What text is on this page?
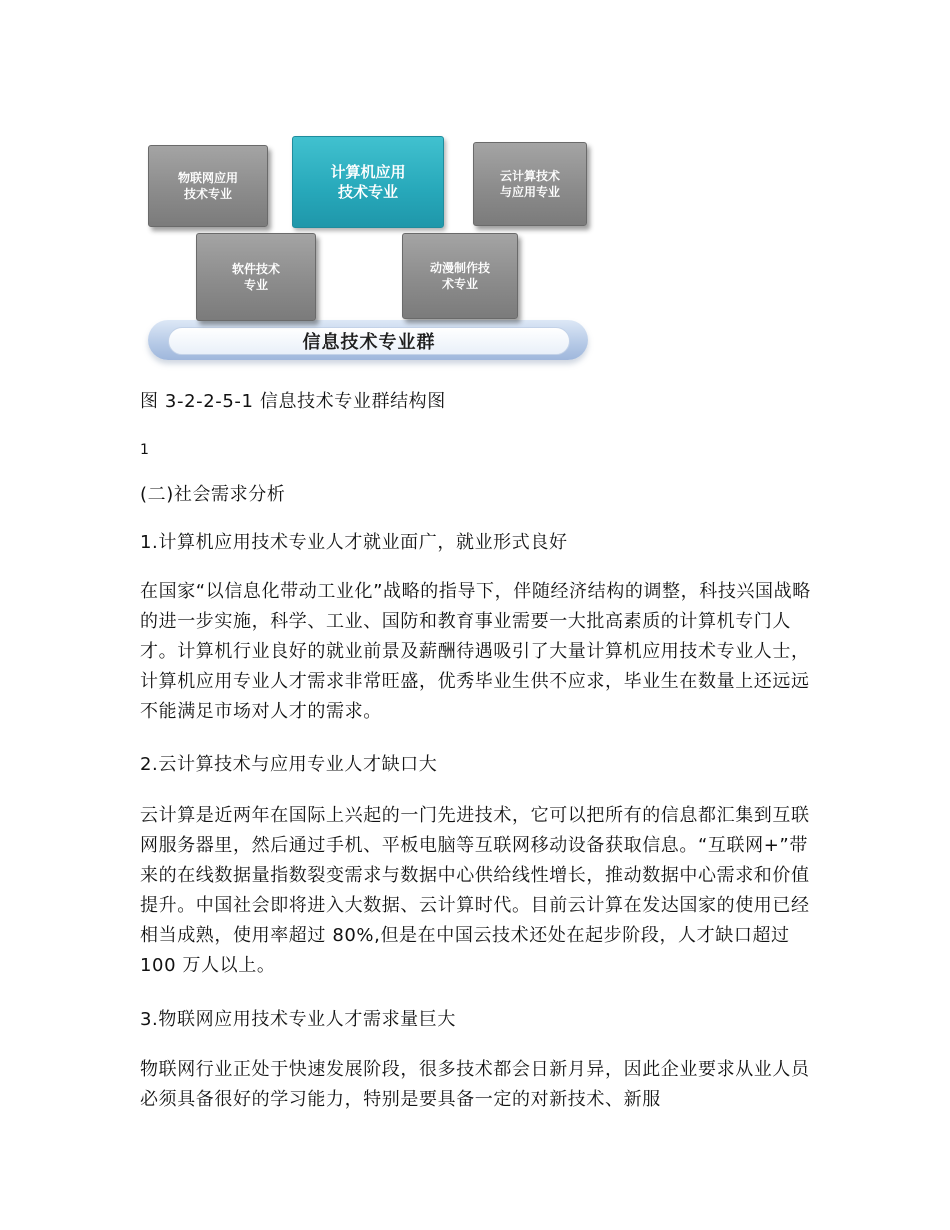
信息技术专业群
物联网应用
技术专业
计算机应用
技术专业
云计算技术
与应用专业
软件技术
专业
动漫制作技
术专业

图 3-2-2-5-1 信息技术专业群结构图

1

(二)社会需求分析

1.计算机应用技术专业人才就业面广，就业形式良好

在国家“以信息化带动工业化”战略的指导下，伴随经济结构的调整，科技兴国战略的进一步实施，科学、工业、国防和教育事业需要一大批高素质的计算机专门人才。计算机行业良好的就业前景及薪酬待遇吸引了大量计算机应用技术专业人士，计算机应用专业人才需求非常旺盛，优秀毕业生供不应求，毕业生在数量上还远远不能满足市场对人才的需求。

2.云计算技术与应用专业人才缺口大

云计算是近两年在国际上兴起的一门先进技术，它可以把所有的信息都汇集到互联网服务器里，然后通过手机、平板电脑等互联网移动设备获取信息。“互联网+”带来的在线数据量指数裂变需求与数据中心供给线性增长，推动数据中心需求和价值提升。中国社会即将进入大数据、云计算时代。目前云计算在发达国家的使用已经相当成熟，使用率超过 80%,但是在中国云技术还处在起步阶段，人才缺口超过 100 万人以上。

3.物联网应用技术专业人才需求量巨大

物联网行业正处于快速发展阶段，很多技术都会日新月异，因此企业要求从业人员必须具备很好的学习能力，特别是要具备一定的对新技术、新服
